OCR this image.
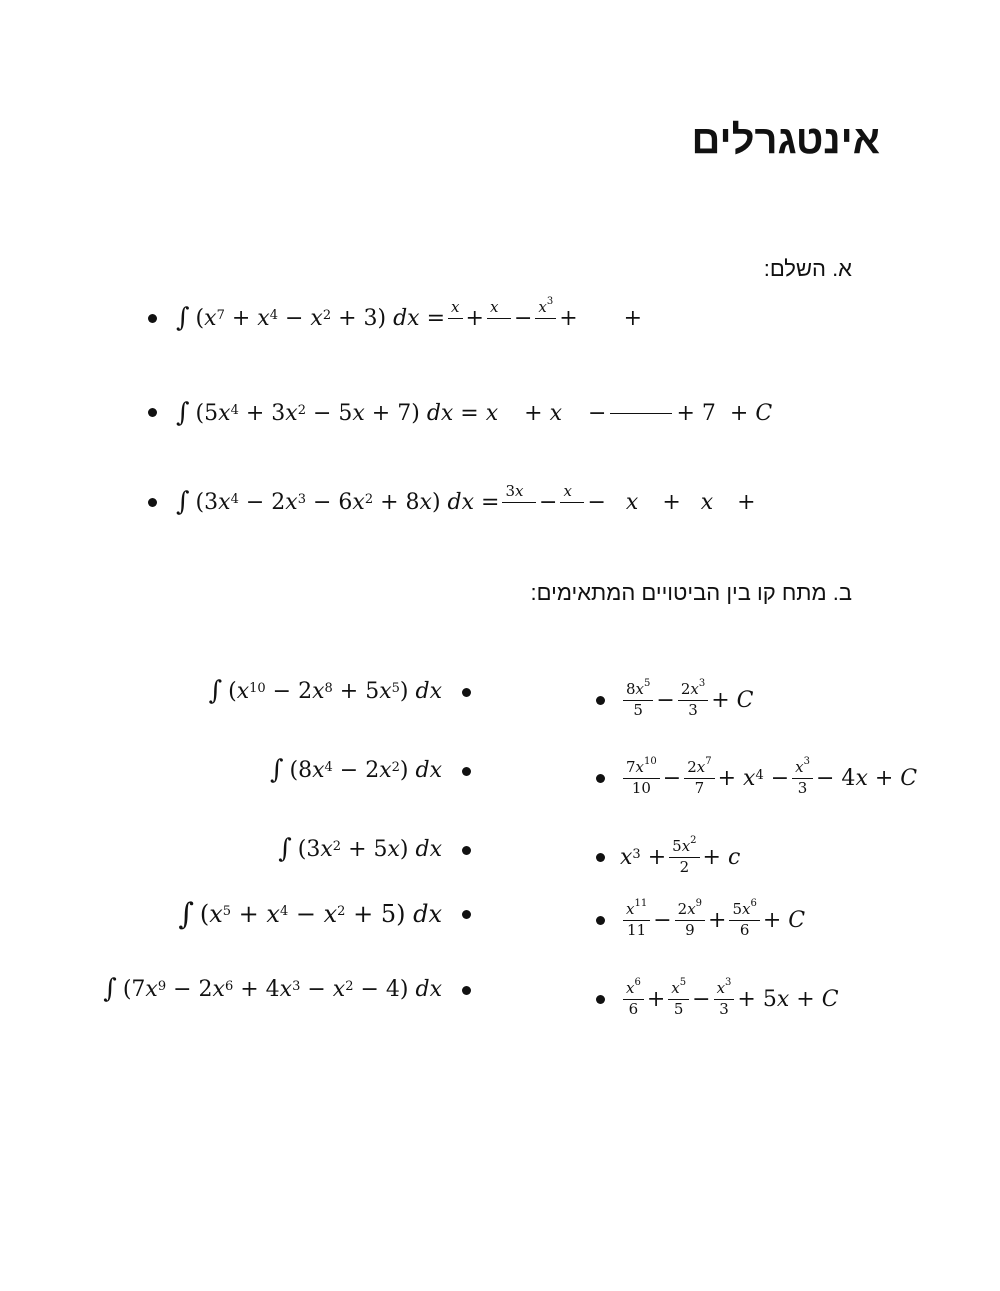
אינטגרלים
א. השלם:
∫ ( $x^7 + x^4 - x^2 + 3$) dx = x
+ x
− $x^3$

+
+
∫ (5 $x^4 + 3$ $x^2 - 5$ x + 7) dx = x + x −	+ 7
+ C
∫ (3 $x^4 - 2$ $x^3 - 6$ $x^2 + 8$ x ) dx = 3x
− x
− x + x +
ב. מתח קו בין הביטויים המתאימים:
∫ ( $x^{10} - 2$ $x^8 + 5$ $x^5$ ) dx
∫ (8 $x^4 - 2$ $x^2$ ) dx
∫ (3 $x^2 + 5$ x ) dx
∫ ( $x^5 + x^4 - x^2 + 5$) dx
∫ (7 $x^9 - 2$ $x^6 + 4$ $x^3 - x^2 - 4$) dx
$\frac{8x^5}{5} - \frac{2x^3}{3} + C$
$\frac{7x^{10}}{10} - \frac{2x^7}{7} + x^4 - \frac{x^3}{3} - 4$ x + C
$x^3 + \frac{5x^2}{2} + c$
$\frac{x^{11}}{11} - \frac{2x^9}{9} + \frac{5x^6}{6} + C$
$\frac{x^6}{6} + \frac{x^5}{5} - \frac{x^3}{3} + 5$ x + C
